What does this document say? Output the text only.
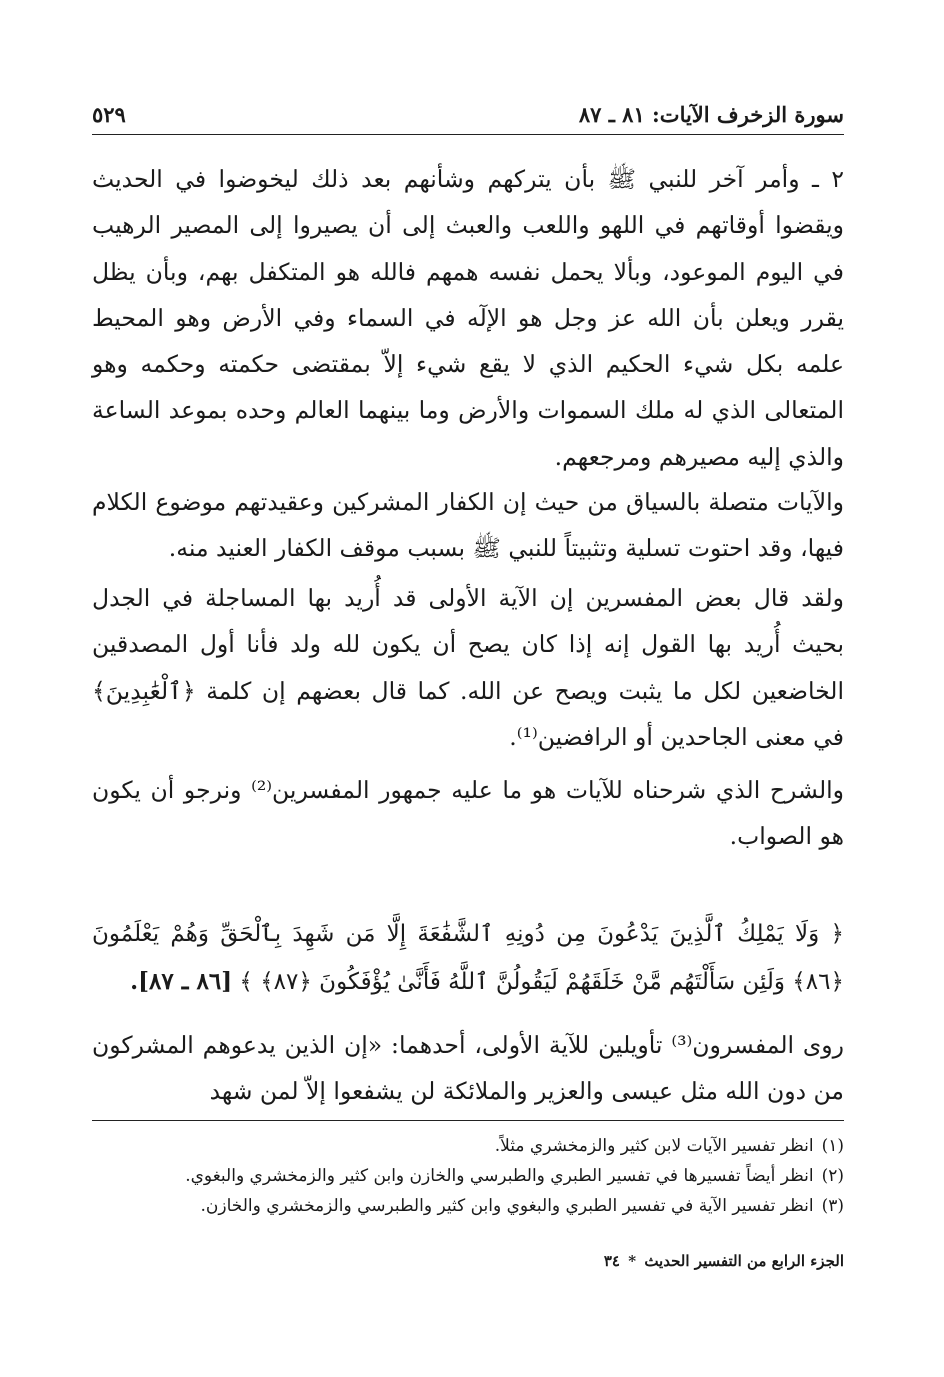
سورة الزخرف الآيات: ٨١ ـ ٨٧
٥٢٩

٢ ـ وأمر آخر للنبي ﷺ بأن يتركهم وشأنهم بعد ذلك ليخوضوا في الحديث ويقضوا أوقاتهم في اللهو واللعب والعبث إلى أن يصيروا إلى المصير الرهيب في اليوم الموعود، وبألا يحمل نفسه همهم فالله هو المتكفل بهم، وبأن يظل يقرر ويعلن بأن الله عز وجل هو الإلٓه في السماء وفي الأرض وهو المحيط علمه بكل شيء الحكيم الذي لا يقع شيء إلاّ بمقتضى حكمته وحكمه وهو المتعالى الذي له ملك السموات والأرض وما بينهما العالم وحده بموعد الساعة والذي إليه مصيرهم ومرجعهم.

والآيات متصلة بالسياق من حيث إن الكفار المشركين وعقيدتهم موضوع الكلام فيها، وقد احتوت تسلية وتثبيتاً للنبي ﷺ بسبب موقف الكفار العنيد منه.

ولقد قال بعض المفسرين إن الآية الأولى قد أُريد بها المساجلة في الجدل بحيث أُريد بها القول إنه إذا كان يصح أن يكون لله ولد فأنا أول المصدقين الخاضعين لكل ما يثبت ويصح عن الله. كما قال بعضهم إن كلمة ﴿ٱلْعَٰبِدِينَ﴾ في معنى الجاحدين أو الرافضين⁽¹⁾.

والشرح الذي شرحناه للآيات هو ما عليه جمهور المفسرين⁽²⁾ ونرجو أن يكون هو الصواب.

﴿ وَلَا يَمْلِكُ ٱلَّذِينَ يَدْعُونَ مِن دُونِهِ ٱلشَّفَٰعَةَ إِلَّا مَن شَهِدَ بِٱلْحَقِّ وَهُمْ يَعْلَمُونَ ﴿٨٦﴾ وَلَئِن سَأَلْتَهُم مَّنْ خَلَقَهُمْ لَيَقُولُنَّ ٱللَّهُ فَأَنَّىٰ يُؤْفَكُونَ ﴿٨٧﴾ ﴾ [٨٦ ـ ٨٧].

روى المفسرون⁽³⁾ تأويلين للآية الأولى، أحدهما: «إن الذين يدعوهم المشركون من دون الله مثل عيسى والعزير والملائكة لن يشفعوا إلاّ لمن شهد

(١)انظر تفسير الآيات لابن كثير والزمخشري مثلاً.
(٢)انظر أيضاً تفسيرها في تفسير الطبري والطبرسي والخازن وابن كثير والزمخشري والبغوي.
(٣)انظر تفسير الآية في تفسير الطبري والبغوي وابن كثير والطبرسي والزمخشري والخازن.
الجزء الرابع من التفسير الحديث * ٣٤
